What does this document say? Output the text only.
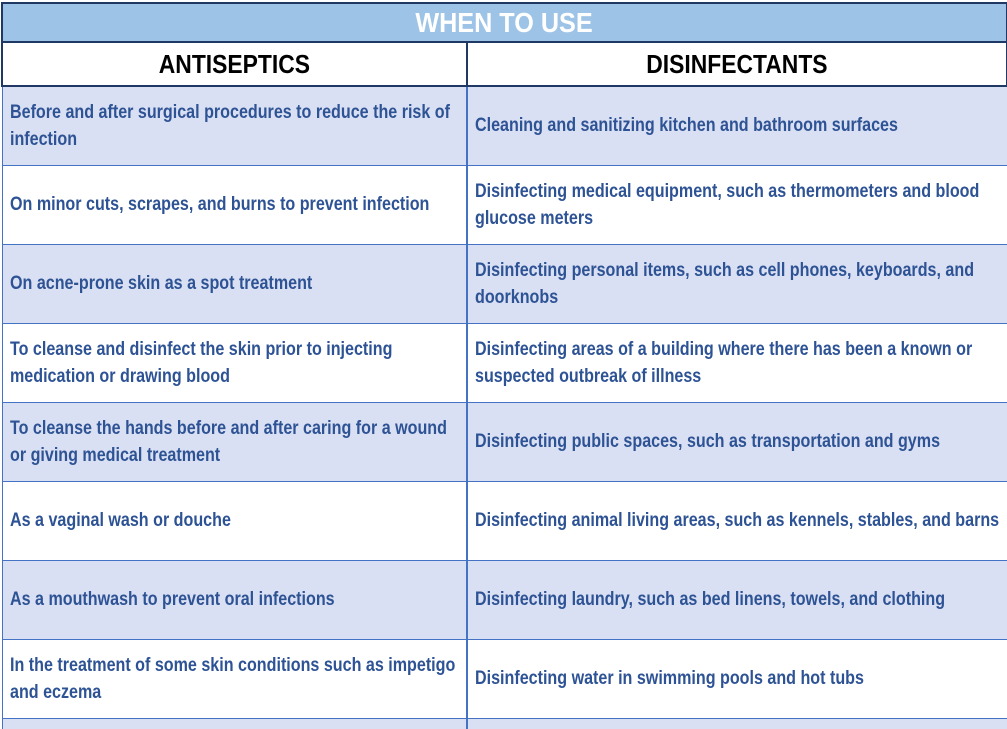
WHEN TO USE	

ANTISEPTICS	DISINFECTANTS

Before and after surgical procedures to reduce the risk of infection	Cleaning and sanitizing kitchen and bathroom surfaces

On minor cuts, scrapes, and burns to prevent infection	Disinfecting medical equipment, such as thermometers and blood glucose meters

On acne-prone skin as a spot treatment	Disinfecting personal items, such as cell phones, keyboards, and doorknobs

To cleanse and disinfect the skin prior to injecting medication or drawing blood	Disinfecting areas of a building where there has been a known or suspected outbreak of illness

To cleanse the hands before and after caring for a wound or giving medical treatment	Disinfecting public spaces, such as transportation and gyms

As a vaginal wash or douche	Disinfecting animal living areas, such as kennels, stables, and barns

As a mouthwash to prevent oral infections	Disinfecting laundry, such as bed linens, towels, and clothing

In the treatment of some skin conditions such as impetigo and eczema	Disinfecting water in swimming pools and hot tubs
